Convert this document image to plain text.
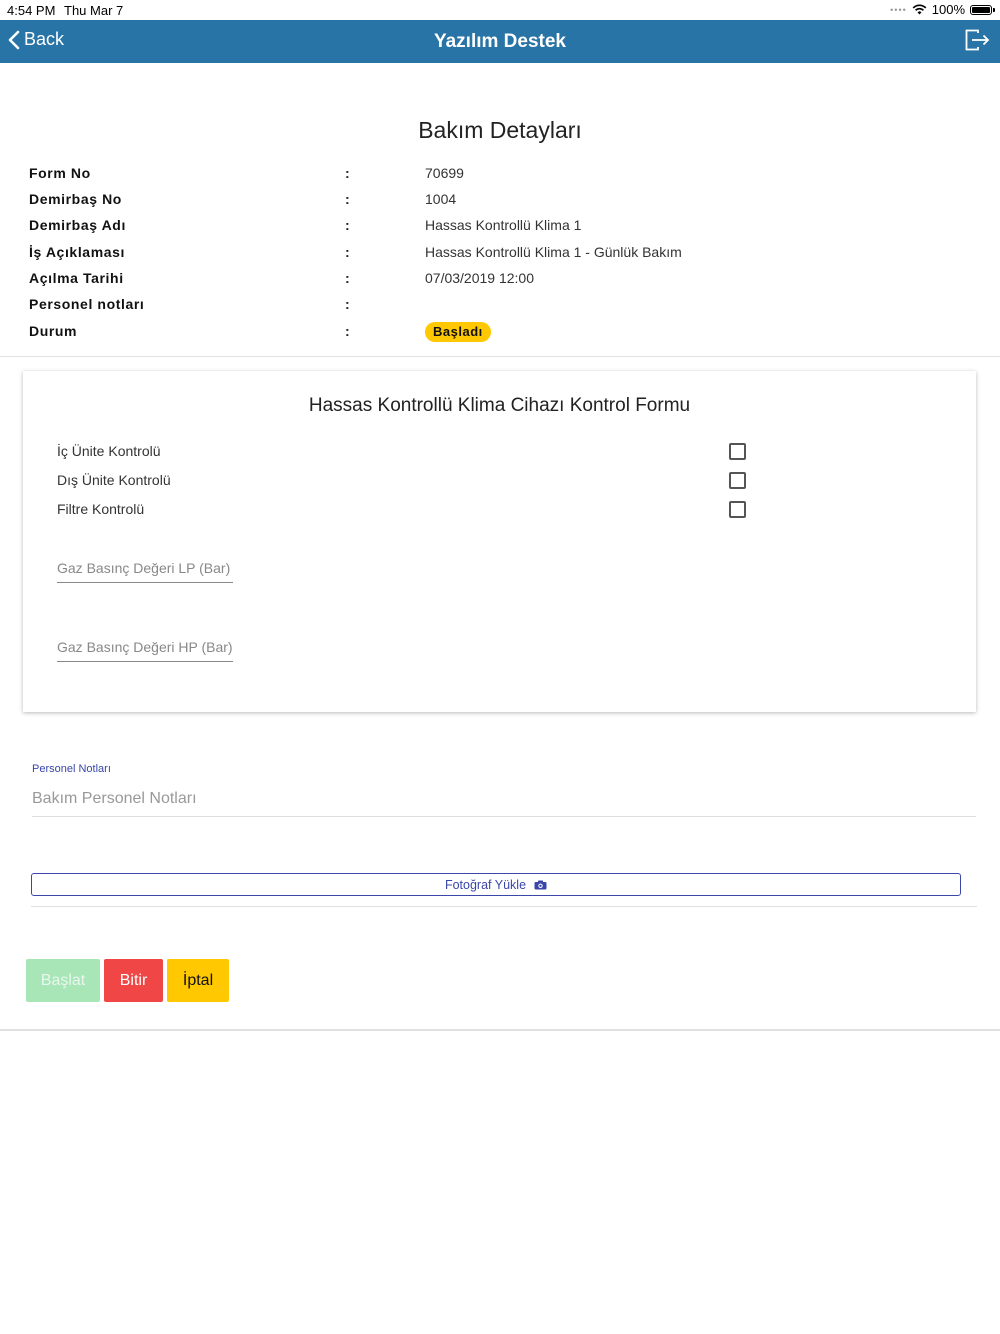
4:54 PM Thu Mar 7	•••• 100%
Back	Yazılım Destek
Bakım Detayları
Form No	:	70699
Demirbaş No	:	1004
Demirbaş Adı	:	Hassas Kontrollü Klima 1
İş Açıklaması	:	Hassas Kontrollü Klima 1 - Günlük Bakım
Açılma Tarihi	:	07/03/2019 12:00
Personel notları	:
Durum	:	Başladı
Hassas Kontrollü Klima Cihazı Kontrol Formu
İç Ünite Kontrolü
Dış Ünite Kontrolü
Filtre Kontrolü
Gaz Basınç Değeri LP (Bar)
Gaz Basınç Değeri HP (Bar)
Personel Notları
Bakım Personel Notları
Fotoğraf Yükle
Başlat	Bitir	İptal
